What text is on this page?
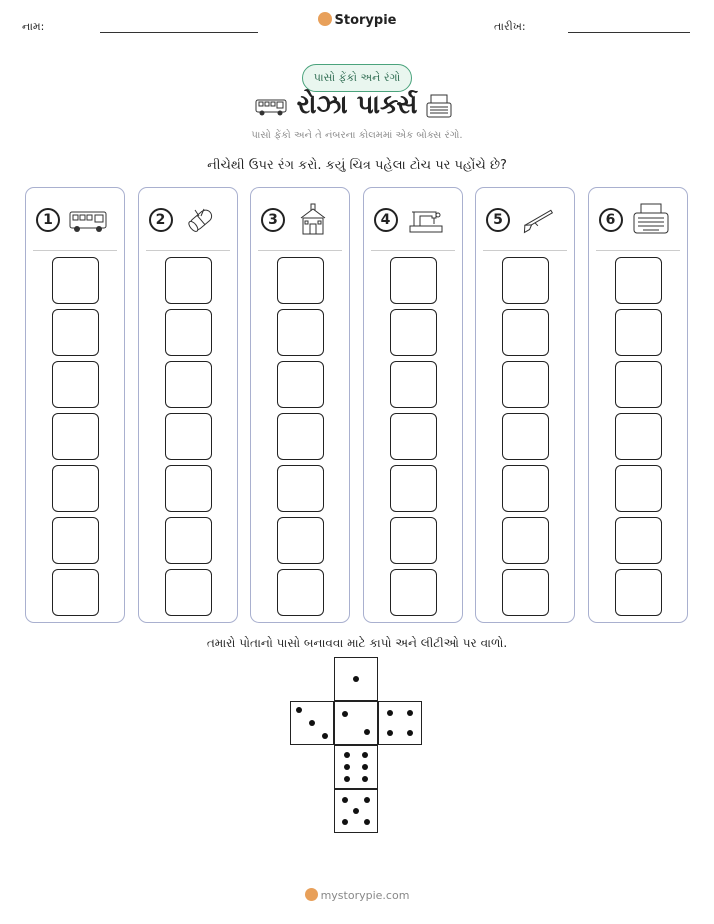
નામ:	Storypie	તારીખ:
પાસો ફેંકો અને રંગો
રોઝા પાર્ક્સ
પાસો ફેંકો અને તે નંબરના કોલમમાં એક બોક્સ રંગો.
નીચેથી ઉપર રંગ કરો. કયું ચિત્ર પહેલા ટોચ પર પહોંચે છે?
1	2	3	4	5	6
તમારો પોતાનો પાસો બનાવવા માટે કાપો અને લીટીઓ પર વાળો.
mystorypie.com
